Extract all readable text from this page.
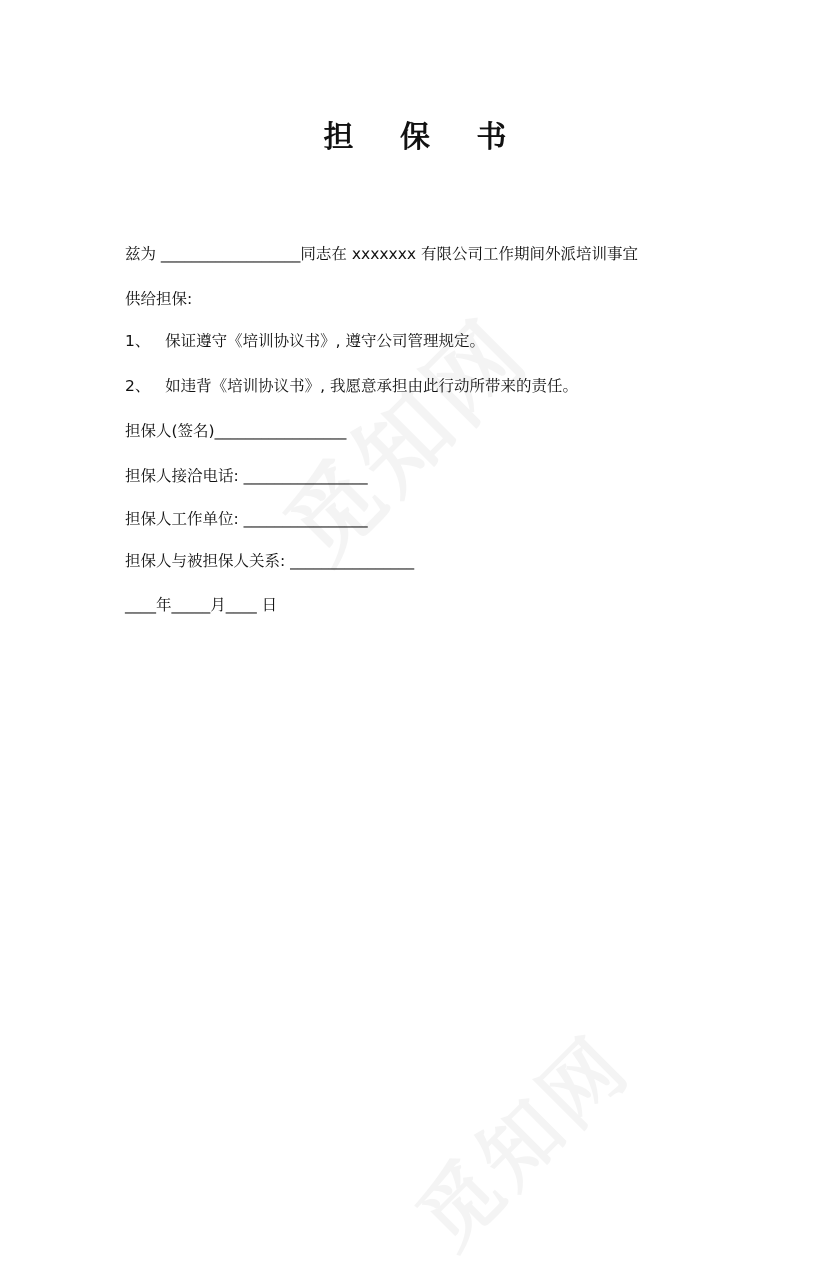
担 保 书
兹为 __________________同志在 xxxxxxx 有限公司工作期间外派培训事宜
供给担保:
1、   保证遵守《培训协议书》, 遵守公司管理规定。
2、   如违背《培训协议书》, 我愿意承担由此行动所带来的责任。
担保人(签名)_________________
担保人接洽电话: ________________
担保人工作单位: ________________
担保人与被担保人关系: ________________
____年_____月____ 日
